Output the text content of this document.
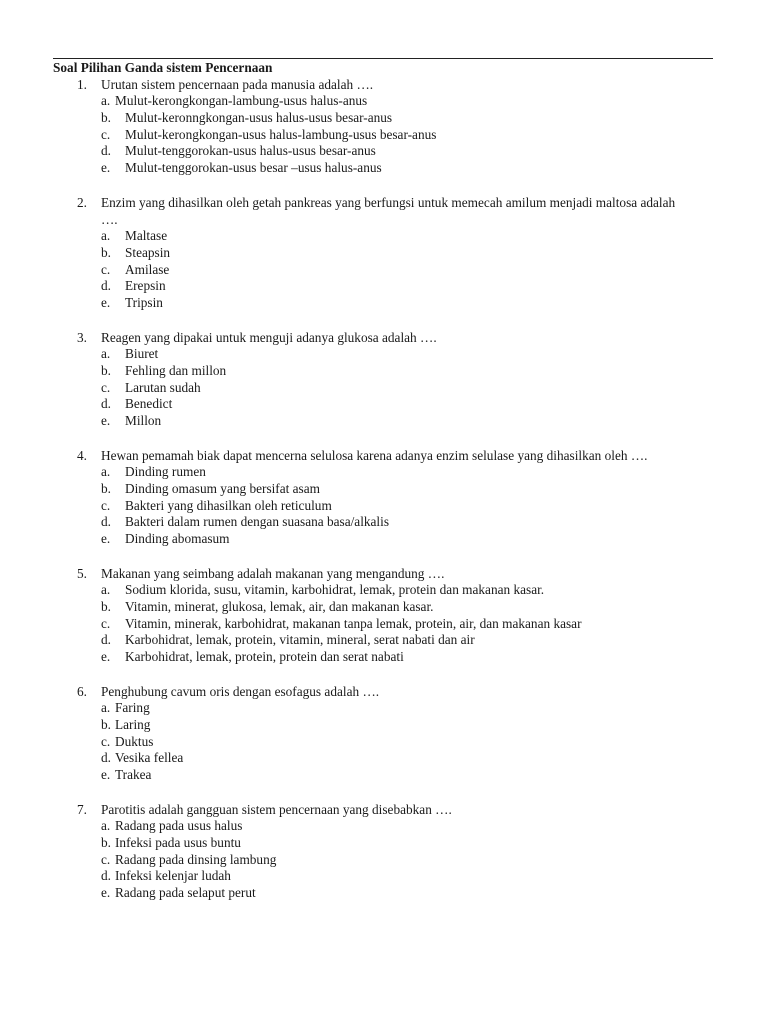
Soal Pilihan Ganda sistem Pencernaan
1. Urutan sistem pencernaan pada manusia adalah ….
a. Mulut-kerongkongan-lambung-usus halus-anus
b. Mulut-keronngkongan-usus halus-usus besar-anus
c. Mulut-kerongkongan-usus halus-lambung-usus besar-anus
d. Mulut-tenggorokan-usus halus-usus besar-anus
e. Mulut-tenggorokan-usus besar –usus halus-anus
2. Enzim yang dihasilkan oleh getah pankreas yang berfungsi untuk memecah amilum menjadi maltosa adalah ….
a. Maltase
b. Steapsin
c. Amilase
d. Erepsin
e. Tripsin
3. Reagen yang dipakai untuk menguji adanya glukosa adalah ….
a. Biuret
b. Fehling dan millon
c. Larutan sudah
d. Benedict
e. Millon
4. Hewan pemamah biak dapat mencerna selulosa karena adanya enzim selulase yang dihasilkan oleh ….
a. Dinding rumen
b. Dinding omasum yang bersifat asam
c. Bakteri yang dihasilkan oleh reticulum
d. Bakteri dalam rumen dengan suasana basa/alkalis
e. Dinding abomasum
5. Makanan yang seimbang adalah makanan yang mengandung ….
a. Sodium klorida, susu, vitamin, karbohidrat, lemak, protein dan makanan kasar.
b. Vitamin, minerat, glukosa, lemak, air, dan makanan kasar.
c. Vitamin, minerak, karbohidrat, makanan tanpa lemak, protein, air, dan makanan kasar
d. Karbohidrat, lemak, protein, vitamin, mineral, serat nabati dan air
e. Karbohidrat, lemak, protein, protein dan serat nabati
6. Penghubung cavum oris dengan esofagus adalah ….
a. Faring
b. Laring
c. Duktus
d. Vesika fellea
e. Trakea
7. Parotitis adalah gangguan sistem pencernaan yang disebabkan ….
a. Radang pada usus halus
b. Infeksi pada usus buntu
c. Radang pada dinsing lambung
d. Infeksi kelenjar ludah
e. Radang pada selaput perut
